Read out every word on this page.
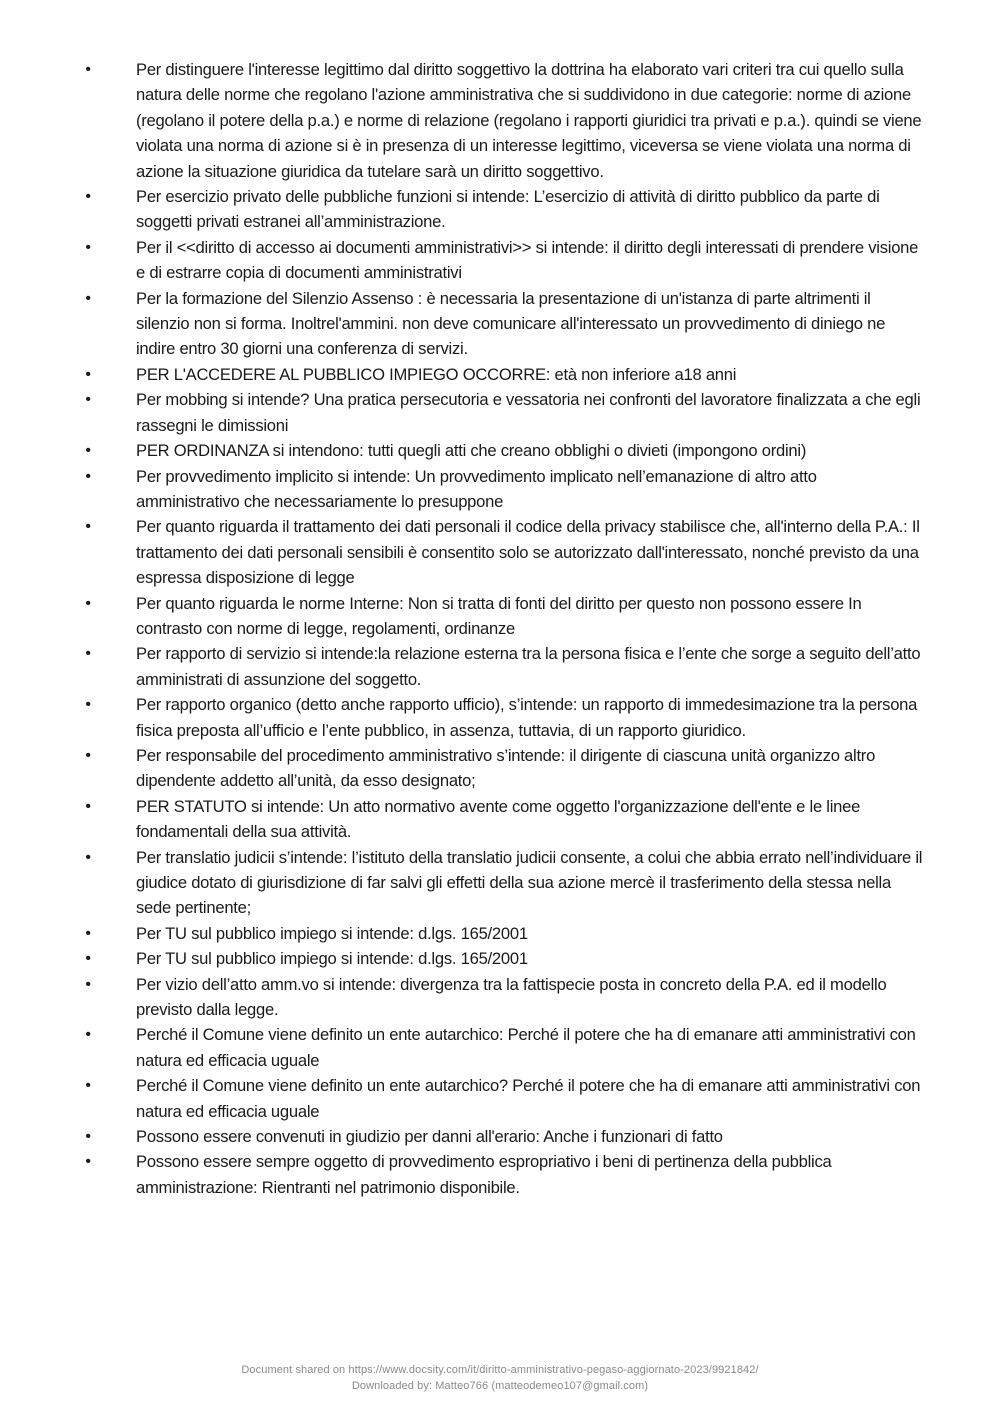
•	Per distinguere l'interesse legittimo dal diritto soggettivo la dottrina ha elaborato vari criteri tra cui quello sulla natura delle norme che regolano l'azione amministrativa che si suddividono in due categorie: norme di azione (regolano il potere della p.a.) e norme di relazione (regolano i rapporti giuridici tra privati e p.a.). quindi se viene violata una norma di azione si è in presenza di un interesse legittimo, viceversa se viene violata una norma di azione la situazione giuridica da tutelare sarà un diritto soggettivo.
•	Per esercizio privato delle pubbliche funzioni si intende: L’esercizio di attività di diritto pubblico da parte di soggetti privati estranei all’amministrazione.
•	Per il <<diritto di accesso ai documenti amministrativi>> si intende: il diritto degli interessati di prendere visione e di estrarre copia di documenti amministrativi
•	Per la formazione del Silenzio Assenso : è necessaria la presentazione di un'istanza di parte altrimenti il silenzio non si forma. Inoltrel'ammini. non deve comunicare all'interessato un provvedimento di diniego ne indire entro 30 giorni una conferenza di servizi.
•	PER L'ACCEDERE AL PUBBLICO IMPIEGO OCCORRE: età non inferiore a18 anni
•	Per mobbing si intende? Una pratica persecutoria e vessatoria nei confronti del lavoratore finalizzata a che egli rassegni le dimissioni
•	PER ORDINANZA si intendono: tutti quegli atti che creano obblighi o divieti (impongono ordini)
•	Per provvedimento implicito si intende: Un provvedimento implicato nell’emanazione di altro atto amministrativo che necessariamente lo presuppone
•	Per quanto riguarda il trattamento dei dati personali il codice della privacy stabilisce che, all'interno della P.A.: Il trattamento dei dati personali sensibili è consentito solo se autorizzato dall'interessato, nonché previsto da una espressa disposizione di legge
•	Per quanto riguarda le norme Interne: Non si tratta di fonti del diritto per questo non possono essere In contrasto con norme di legge, regolamenti, ordinanze
•	Per rapporto di servizio si intende:la relazione esterna tra la persona fisica e l’ente che sorge a seguito dell’atto amministrati di assunzione del soggetto.
•	Per rapporto organico (detto anche rapporto ufficio), s’intende: un rapporto di immedesimazione tra la persona fisica preposta all’ufficio e l’ente pubblico, in assenza, tuttavia, di un rapporto giuridico.
•	Per responsabile del procedimento amministrativo s’intende: il dirigente di ciascuna unità organizzo altro dipendente addetto all’unità, da esso designato;
•	PER STATUTO si intende: Un atto normativo avente come oggetto l'organizzazione dell'ente e le linee fondamentali della sua attività.
•	Per translatio judicii s’intende: l’istituto della translatio judicii consente, a colui che abbia errato nell’individuare il giudice dotato di giurisdizione di far salvi gli effetti della sua azione mercè il trasferimento della stessa nella sede pertinente;
•	Per TU sul pubblico impiego si intende: d.lgs. 165/2001
•	Per TU sul pubblico impiego si intende: d.lgs. 165/2001
•	Per vizio dell’atto amm.vo si intende: divergenza tra la fattispecie posta in concreto della P.A. ed il modello previsto dalla legge.
•	Perché il Comune viene definito un ente autarchico: Perché il potere che ha di emanare atti amministrativi con natura ed efficacia uguale
•	Perché il Comune viene definito un ente autarchico? Perché il potere che ha di emanare atti amministrativi con natura ed efficacia uguale
•	Possono essere convenuti in giudizio per danni all'erario: Anche i funzionari di fatto
•	Possono essere sempre oggetto di provvedimento espropriativo i beni di pertinenza della pubblica amministrazione: Rientranti nel patrimonio disponibile.
Document shared on https://www.docsity.com/it/diritto-amministrativo-pegaso-aggiornato-2023/9921842/
Downloaded by: Matteo766 (matteodemeo107@gmail.com)
